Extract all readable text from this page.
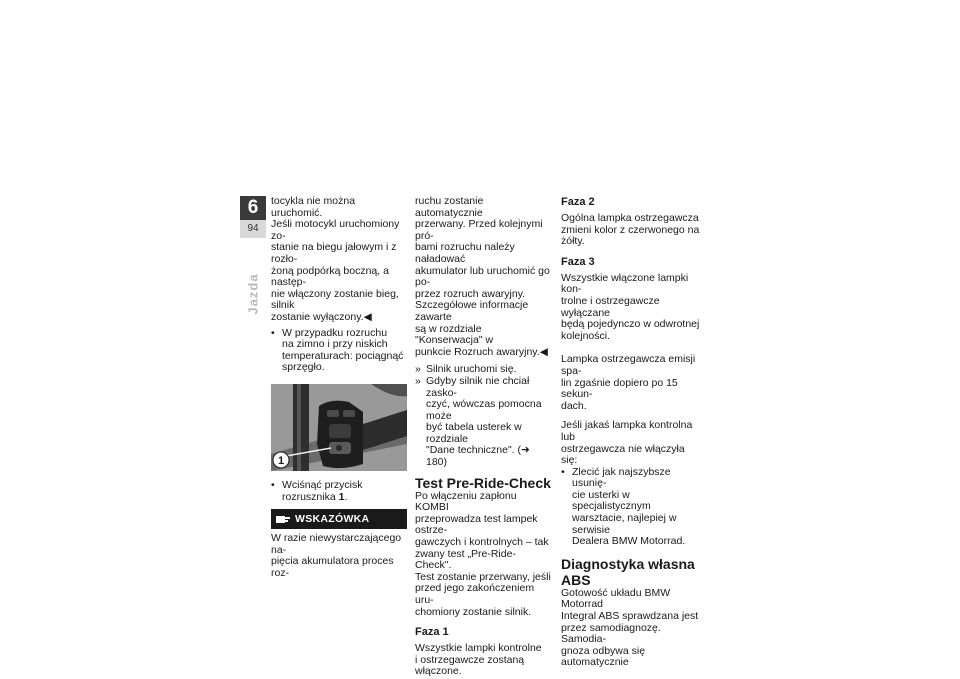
6
94
Jazda

tocykla nie można uruchomić.
Jeśli motocykl uruchomiony zo-
stanie na biegu jałowym i z rozło-
żoną podpórką boczną, a następ-
nie włączony zostanie bieg, silnik
zostanie wyłączony.◀

• W przypadku rozruchu
na zimno i przy niskich
temperaturach: pociągnąć
sprzęgło.
1
• Wciśnąć przycisk rozrusznika 1.
WSKAZÓWKA

W razie niewystarczającego na-
pięcia akumulatora proces roz-

ruchu zostanie automatycznie
przerwany. Przed kolejnymi pró-
bami rozruchu należy naładować
akumulator lub uruchomić go po-
przez rozruch awaryjny.
Szczegółowe informacje zawarte
są w rozdziale "Konserwacja" w
punkcie Rozruch awaryjny.◀

» Silnik uruchomi się.
» Gdyby silnik nie chciał zasko-
czyć, wówczas pomocna może
być tabela usterek w rozdziale
"Dane techniczne". (➜ 180)
Test Pre-Ride-Check

Po włączeniu zapłonu KOMBI
przeprowadza test lampek ostrze-
gawczych i kontrolnych – tak
zwany test „Pre-Ride-Check".
Test zostanie przerwany, jeśli
przed jego zakończeniem uru-
chomiony zostanie silnik.

Faza 1

Wszystkie lampki kontrolne
i ostrzegawcze zostaną włączone.

Faza 2

Ogólna lampka ostrzegawcza
zmieni kolor z czerwonego na
żółty.

Faza 3

Wszystkie włączone lampki kon-
trolne i ostrzegawcze wyłączane
będą pojedynczo w odwrotnej
kolejności.

Lampka ostrzegawcza emisji spa-
lin zgaśnie dopiero po 15 sekun-
dach.

Jeśli jakaś lampka kontrolna lub
ostrzegawcza nie włączyła się:

• Zlecić jak najszybsze usunię-
cie usterki w specjalistycznym
warsztacie, najlepiej w serwisie
Dealera BMW Motorrad.
Diagnostyka własna ABS

Gotowość układu BMW Motorrad
Integral ABS sprawdzana jest
przez samodiagnozę. Samodia-
gnoza odbywa się automatycznie
